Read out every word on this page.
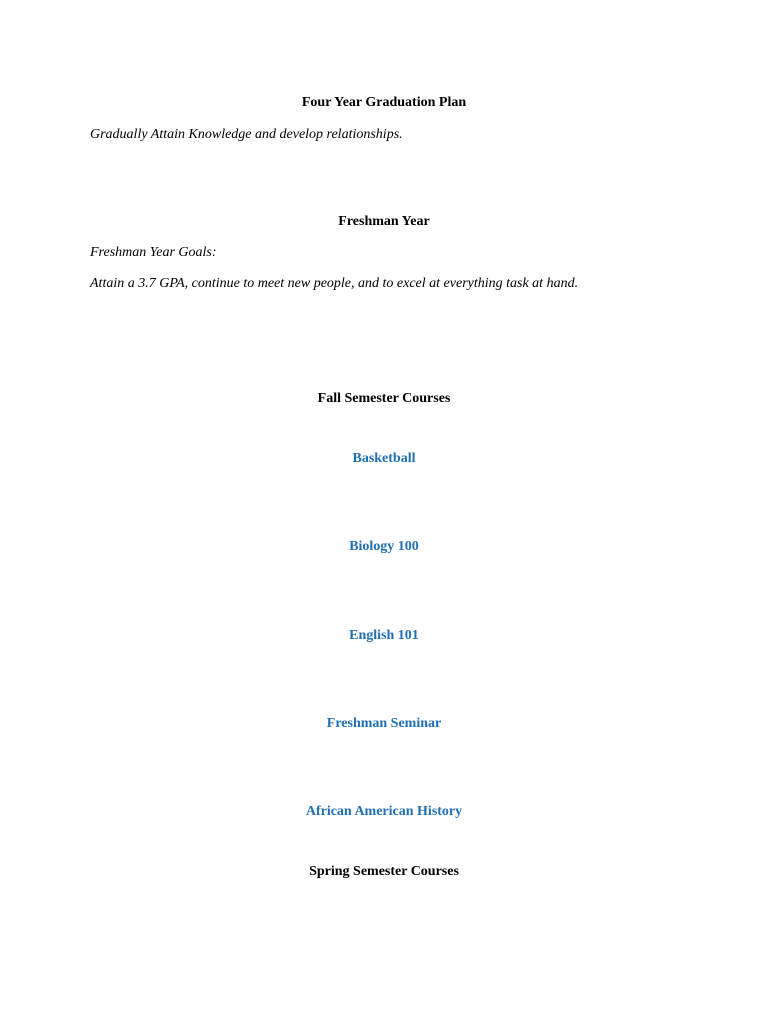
Four Year Graduation Plan
Gradually Attain Knowledge and develop relationships.
Freshman Year
Freshman Year Goals:
Attain a 3.7 GPA, continue to meet new people, and to excel at everything task at hand.
Fall Semester Courses
Basketball
Biology 100
English 101
Freshman Seminar
African American History
Spring Semester Courses
